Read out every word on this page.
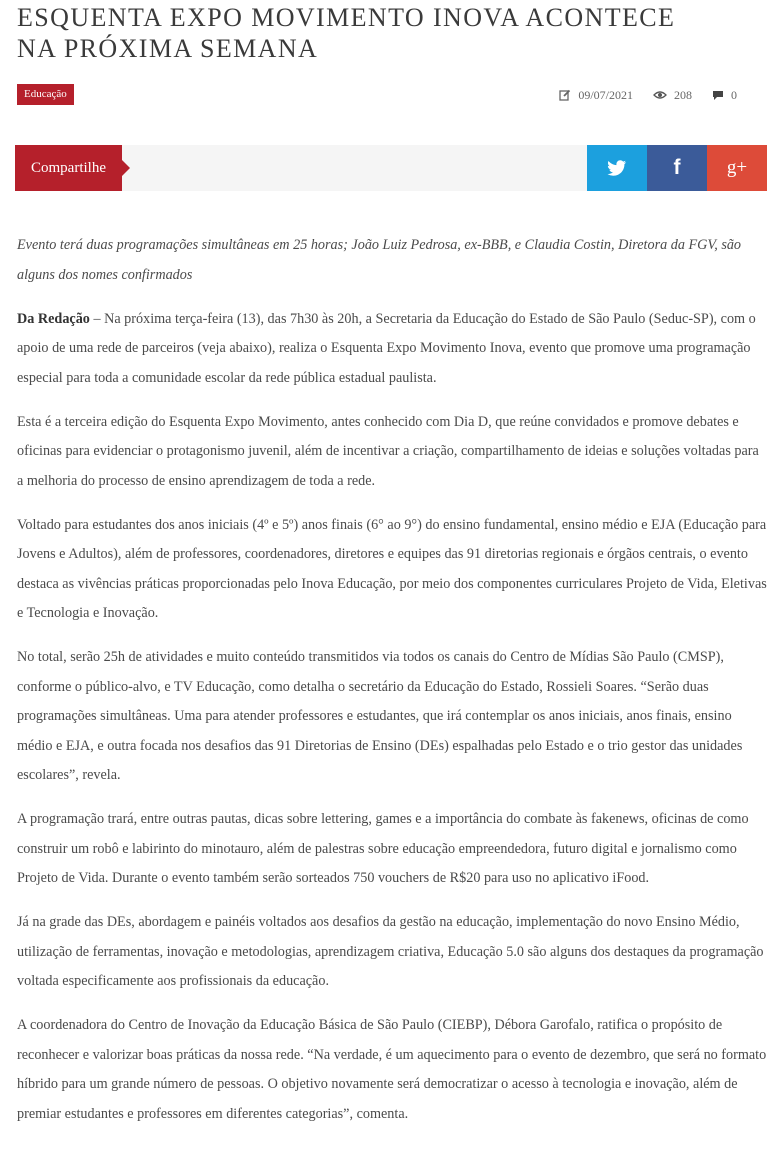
ESQUENTA EXPO MOVIMENTO INOVA ACONTECE
NA PRÓXIMA SEMANA
Educação	09/07/2021	208	0
Compartilhe	f g+

Evento terá duas programações simultâneas em 25 horas; João Luiz Pedrosa, ex-BBB, e Claudia Costin, Diretora da FGV, são alguns dos nomes confirmados

Da Redação – Na próxima terça-feira (13), das 7h30 às 20h, a Secretaria da Educação do Estado de São Paulo (Seduc-SP), com o apoio de uma rede de parceiros (veja abaixo), realiza o Esquenta Expo Movimento Inova, evento que promove uma programação especial para toda a comunidade escolar da rede pública estadual paulista.

Esta é a terceira edição do Esquenta Expo Movimento, antes conhecido com Dia D, que reúne convidados e promove debates e oficinas para evidenciar o protagonismo juvenil, além de incentivar a criação, compartilhamento de ideias e soluções voltadas para a melhoria do processo de ensino aprendizagem de toda a rede.

Voltado para estudantes dos anos iniciais (4º e 5º) anos finais (6° ao 9°) do ensino fundamental, ensino médio e EJA (Educação para Jovens e Adultos), além de professores, coordenadores, diretores e equipes das 91 diretorias regionais e órgãos centrais, o evento destaca as vivências práticas proporcionadas pelo Inova Educação, por meio dos componentes curriculares Projeto de Vida, Eletivas e Tecnologia e Inovação.

No total, serão 25h de atividades e muito conteúdo transmitidos via todos os canais do Centro de Mídias São Paulo (CMSP), conforme o público-alvo, e TV Educação, como detalha o secretário da Educação do Estado, Rossieli Soares. “Serão duas programações simultâneas. Uma para atender professores e estudantes, que irá contemplar os anos iniciais, anos finais, ensino médio e EJA, e outra focada nos desafios das 91 Diretorias de Ensino (DEs) espalhadas pelo Estado e o trio gestor das unidades escolares”, revela.

A programação trará, entre outras pautas, dicas sobre lettering, games e a importância do combate às fakenews, oficinas de como construir um robô e labirinto do minotauro, além de palestras sobre educação empreendedora, futuro digital e jornalismo como Projeto de Vida. Durante o evento também serão sorteados 750 vouchers de R$20 para uso no aplicativo iFood.

Já na grade das DEs, abordagem e painéis voltados aos desafios da gestão na educação, implementação do novo Ensino Médio, utilização de ferramentas, inovação e metodologias, aprendizagem criativa, Educação 5.0 são alguns dos destaques da programação voltada especificamente aos profissionais da educação.

A coordenadora do Centro de Inovação da Educação Básica de São Paulo (CIEBP), Débora Garofalo, ratifica o propósito de reconhecer e valorizar boas práticas da nossa rede. “Na verdade, é um aquecimento para o evento de dezembro, que será no formato híbrido para um grande número de pessoas. O objetivo novamente será democratizar o acesso à tecnologia e inovação, além de premiar estudantes e professores em diferentes categorias”, comenta.
